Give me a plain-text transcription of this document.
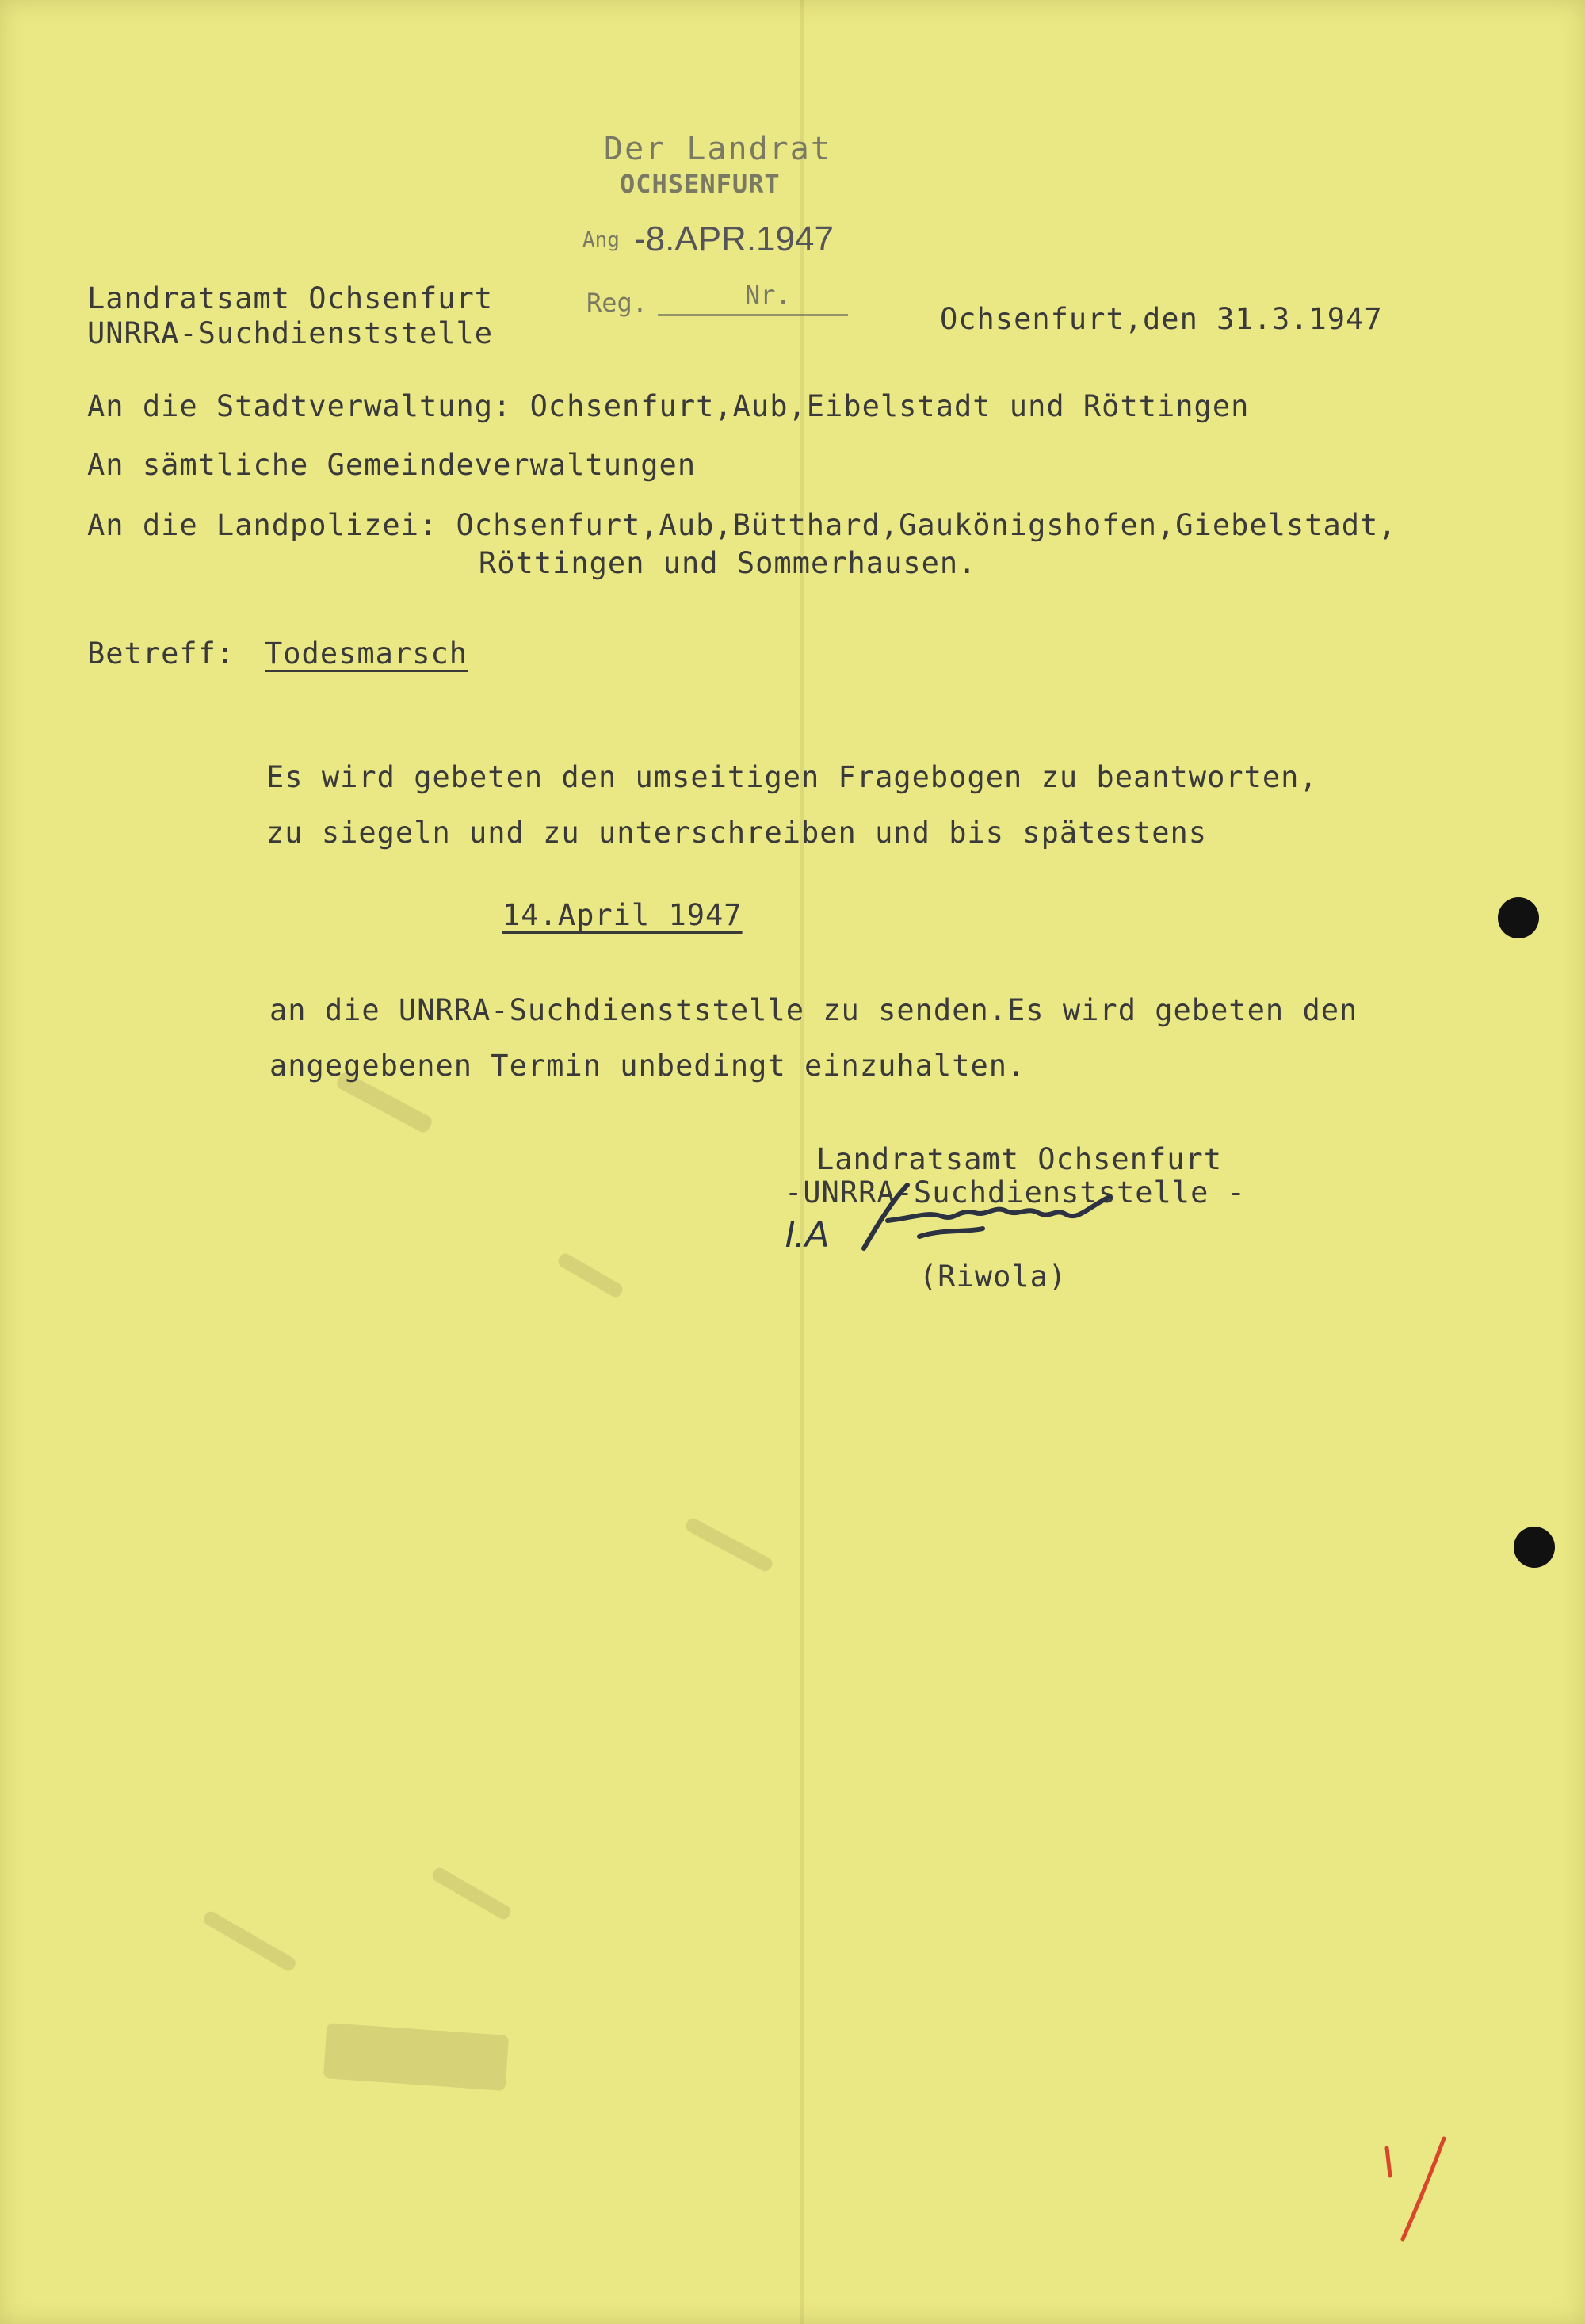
Der Landrat
OCHSENFURT
Ang -8.APR.1947
Reg.	Nr.
Landratsamt Ochsenfurt
UNRRA-Suchdienststelle	Ochsenfurt,den 31.3.1947
An die Stadtverwaltung: Ochsenfurt,Aub,Eibelstadt und Röttingen
An sämtliche Gemeindeverwaltungen
An die Landpolizei: Ochsenfurt,Aub,Bütthard,Gaukönigshofen,Giebelstadt,
Röttingen und Sommerhausen.
Betreff: Todesmarsch
Es wird gebeten den umseitigen Fragebogen zu beantworten,
zu siegeln und zu unterschreiben und bis spätestens
14.April 1947
an die UNRRA-Suchdienststelle zu senden.Es wird gebeten den
angegebenen Termin unbedingt einzuhalten.
Landratsamt Ochsenfurt
-UNRRA-Suchdienststelle -
I.A
(Riwola)
